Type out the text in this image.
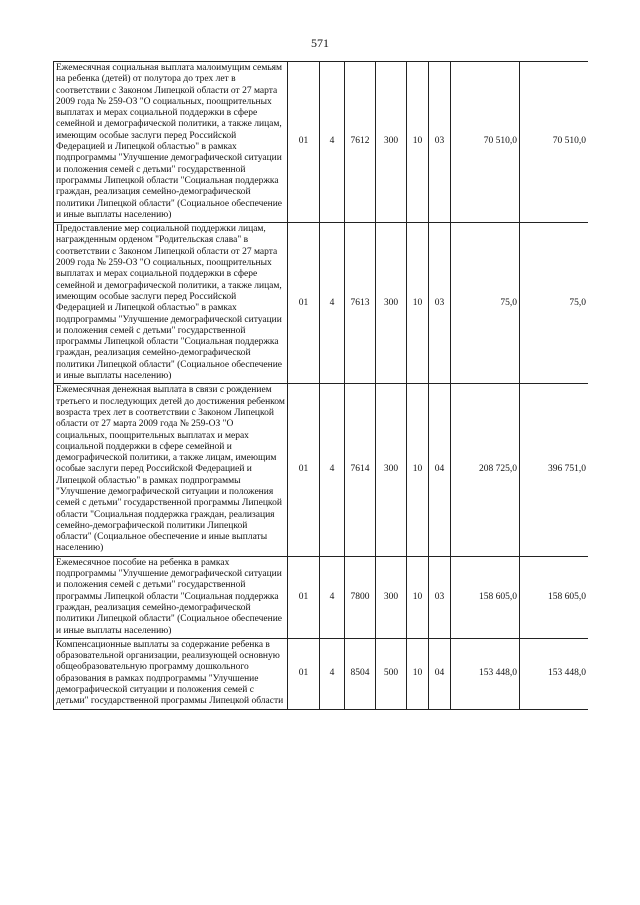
571
Ежемесячная социальная выплата малоимущим семьям на ребенка (детей) от полутора до трех лет в соответствии с Законом Липецкой области от 27 марта 2009 года № 259-ОЗ "О социальных, поощрительных выплатах и мерах социальной поддержки в сфере семейной и демографической политики, а также лицам, имеющим особые заслуги перед Российской Федерацией и Липецкой областью" в рамках подпрограммы "Улучшение демографической ситуации и положения семей с детьми" государственной программы Липецкой области "Социальная поддержка граждан, реализация семейно-демографической политики Липецкой области" (Социальное обеспечение и иные выплаты населению)	01	4	7612	300	10	03	70 510,0	70 510,0
Предоставление мер социальной поддержки лицам, награжденным орденом "Родительская слава" в соответствии с Законом Липецкой области от 27 марта 2009 года № 259-ОЗ "О социальных, поощрительных выплатах и мерах социальной поддержки в сфере семейной и демографической политики, а также лицам, имеющим особые заслуги перед Российской Федерацией и Липецкой областью" в рамках подпрограммы "Улучшение демографической ситуации и положения семей с детьми" государственной программы Липецкой области "Социальная поддержка граждан, реализация семейно-демографической политики Липецкой области" (Социальное обеспечение и иные выплаты населению)	01	4	7613	300	10	03	75,0	75,0
Ежемесячная денежная выплата в связи с рождением третьего и последующих детей до достижения ребенком возраста трех лет в соответствии с Законом Липецкой области от 27 марта 2009 года № 259-ОЗ "О социальных, поощрительных выплатах и мерах социальной поддержки в сфере семейной и демографической политики, а также лицам, имеющим особые заслуги перед Российской Федерацией и Липецкой областью" в рамках подпрограммы "Улучшение демографической ситуации и положения семей с детьми" государственной программы Липецкой области "Социальная поддержка граждан, реализация семейно-демографической политики Липецкой области" (Социальное обеспечение и иные выплаты населению)	01	4	7614	300	10	04	208 725,0	396 751,0
Ежемесячное пособие на ребенка в рамках подпрограммы "Улучшение демографической ситуации и положения семей с детьми" государственной программы Липецкой области "Социальная поддержка граждан, реализация семейно-демографической политики Липецкой области" (Социальное обеспечение и иные выплаты населению)	01	4	7800	300	10	03	158 605,0	158 605,0
Компенсационные выплаты за содержание ребенка в образовательной организации, реализующей основную общеобразовательную программу дошкольного образования в рамках подпрограммы "Улучшение демографической ситуации и положения семей с детьми" государственной программы Липецкой области	01	4	8504	500	10	04	153 448,0	153 448,0
